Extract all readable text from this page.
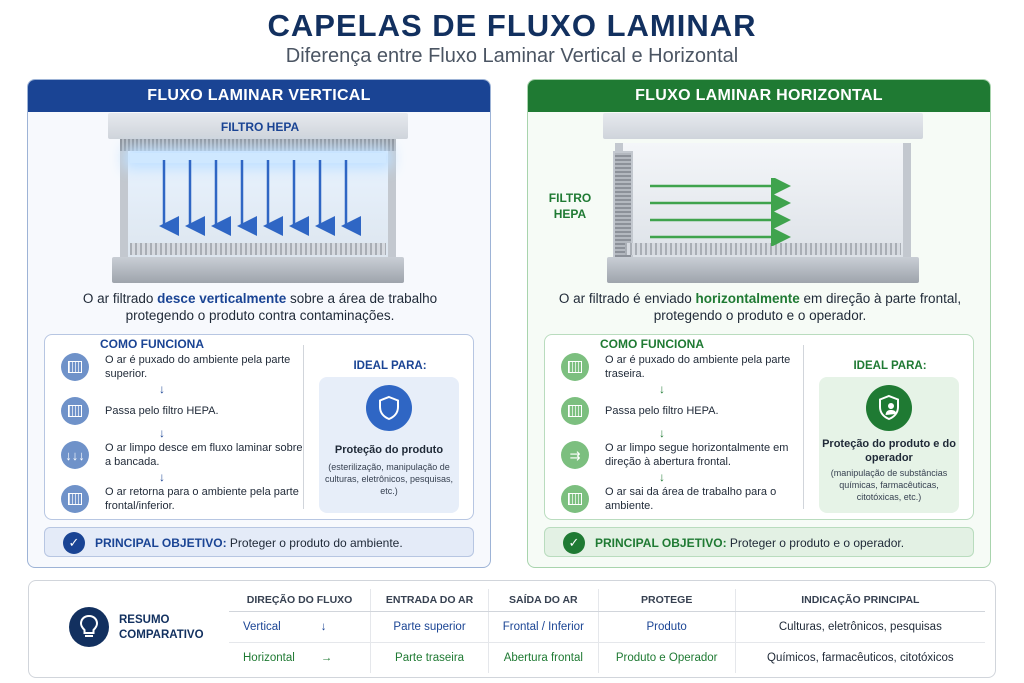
CAPELAS DE FLUXO LAMINAR
Diferença entre Fluxo Laminar Vertical e Horizontal
FLUXO LAMINAR VERTICAL
FILTRO HEPA
O ar filtrado desce verticalmente sobre a área de trabalho
protegendo o produto contra contaminações.
COMO FUNCIONA
O ar é puxado do ambiente pela parte superior.
↓
Passa pelo filtro HEPA.
↓
↓↓↓ O ar limpo desce em fluxo laminar sobre a bancada.
↓
O ar retorna para o ambiente pela parte frontal/inferior.
IDEAL PARA:
Proteção do produto
(esterilização, manipulação de culturas, eletrônicos, pesquisas, etc.)
✓	PRINCIPAL OBJETIVO: Proteger o produto do ambiente.
FLUXO LAMINAR HORIZONTAL
FILTRO
HEPA
O ar filtrado é enviado horizontalmente em direção à parte frontal,
protegendo o produto e o operador.
COMO FUNCIONA
O ar é puxado do ambiente pela parte traseira.
↓
Passa pelo filtro HEPA.
↓
⇉ O ar limpo segue horizontalmente em direção à abertura frontal.
↓
O ar sai da área de trabalho para o ambiente.
IDEAL PARA:
Proteção do produto e do operador
(manipulação de substâncias químicas, farmacêuticas, citotóxicas, etc.)
✓	PRINCIPAL OBJETIVO: Proteger o produto e o operador.
RESUMO COMPARATIVO
DIREÇÃO DO FLUXO	ENTRADA DO AR	SAÍDA DO AR	PROTEGE	INDICAÇÃO PRINCIPAL
Vertical ↓	Parte superior	Frontal / Inferior	Produto	Culturas, eletrônicos, pesquisas
Horizontal →	Parte traseira	Abertura frontal	Produto e Operador	Químicos, farmacêuticos, citotóxicos
